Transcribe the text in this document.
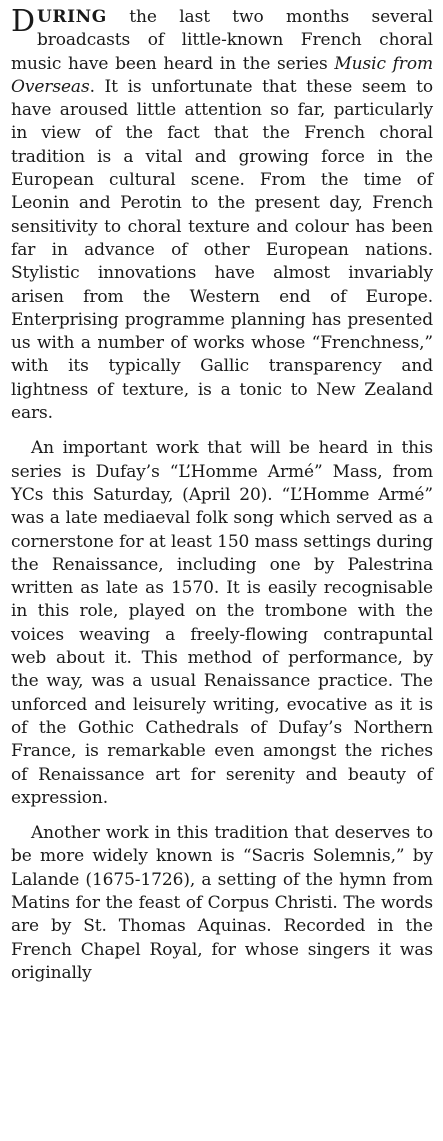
DURING the last two months several broadcasts of little-known French choral music have been heard in the series Music from Overseas. It is unfortunate that these seem to have aroused little attention so far, particularly in view of the fact that the French choral tradition is a vital and growing force in the European cultural scene. From the time of Leonin and Perotin to the present day, French sensitivity to choral texture and colour has been far in advance of other European nations. Stylistic innovations have almost invariably arisen from the Western end of Europe. Enterprising programme planning has presented us with a number of works whose “Frenchness,” with its typically Gallic transparency and lightness of texture, is a tonic to New Zealand ears.

An important work that will be heard in this series is Dufay’s “L’Homme Armé” Mass, from YCs this Saturday, (April 20). “L’Homme Armé” was a late mediaeval folk song which served as a cornerstone for at least 150 mass settings during the Renaissance, including one by Palestrina written as late as 1570. It is easily recognisable in this role, played on the trombone with the voices weaving a freely-flowing contrapuntal web about it. This method of performance, by the way, was a usual Renaissance practice. The unforced and leisurely writing, evocative as it is of the Gothic Cathedrals of Dufay’s Northern France, is remarkable even amongst the riches of Renaissance art for serenity and beauty of expression.

Another work in this tradition that deserves to be more widely known is “Sacris Solemnis,” by Lalande (1675-1726), a setting of the hymn from Matins for the feast of Corpus Christi. The words are by St. Thomas Aquinas. Recorded in the French Chapel Royal, for whose singers it was originally
